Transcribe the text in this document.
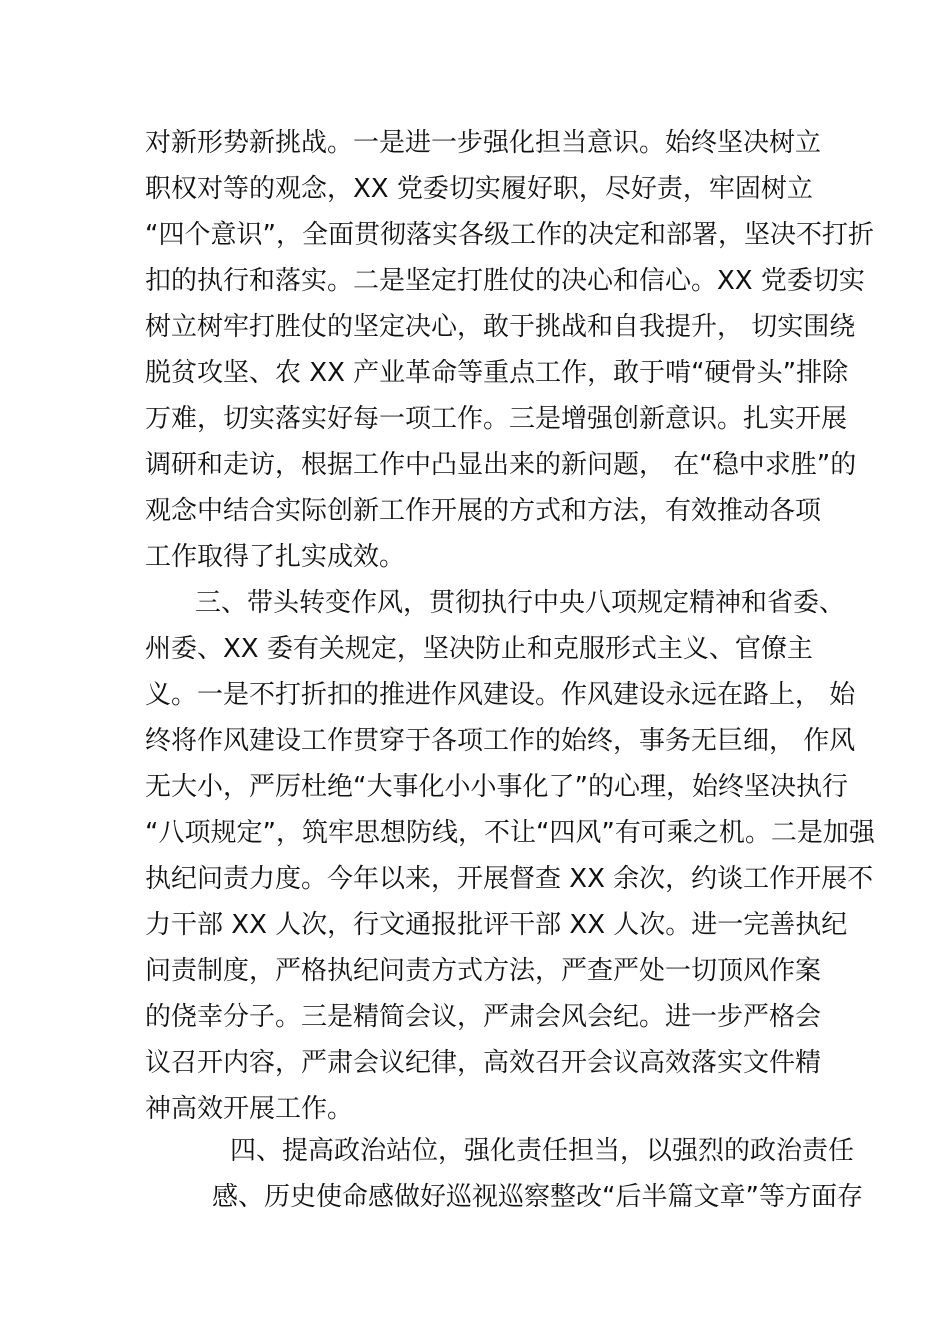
对新形势新挑战。一是进一步强化担当意识。始终坚决树立
职权对等的观念，XX 党委切实履好职，尽好责，牢固树立
“四个意识”，全面贯彻落实各级工作的决定和部署，坚决不打折
扣的执行和落实。二是坚定打胜仗的决心和信心。XX 党委切实
树立树牢打胜仗的坚定决心，敢于挑战和自我提升， 切实围绕
脱贫攻坚、农 XX 产业革命等重点工作，敢于啃“硬骨头”排除
万难，切实落实好每一项工作。三是增强创新意识。扎实开展
调研和走访，根据工作中凸显出来的新问题， 在“稳中求胜”的
观念中结合实际创新工作开展的方式和方法，有效推动各项
工作取得了扎实成效。
三、带头转变作风，贯彻执行中央八项规定精神和省委、
州委、XX 委有关规定，坚决防止和克服形式主义、官僚主
义。一是不打折扣的推进作风建设。作风建设永远在路上， 始
终将作风建设工作贯穿于各项工作的始终，事务无巨细， 作风
无大小，严厉杜绝“大事化小小事化了”的心理，始终坚决执行
“八项规定”，筑牢思想防线，不让“四风”有可乘之机。二是加强
执纪问责力度。今年以来，开展督查 XX 余次，约谈工作开展不
力干部 XX 人次，行文通报批评干部 XX 人次。进一完善执纪
问责制度，严格执纪问责方式方法，严查严处一切顶风作案
的侥幸分子。三是精简会议，严肃会风会纪。进一步严格会
议召开内容，严肃会议纪律，高效召开会议高效落实文件精
神高效开展工作。
四、提高政治站位，强化责任担当，以强烈的政治责任
感、历史使命感做好巡视巡察整改“后半篇文章”等方面存
